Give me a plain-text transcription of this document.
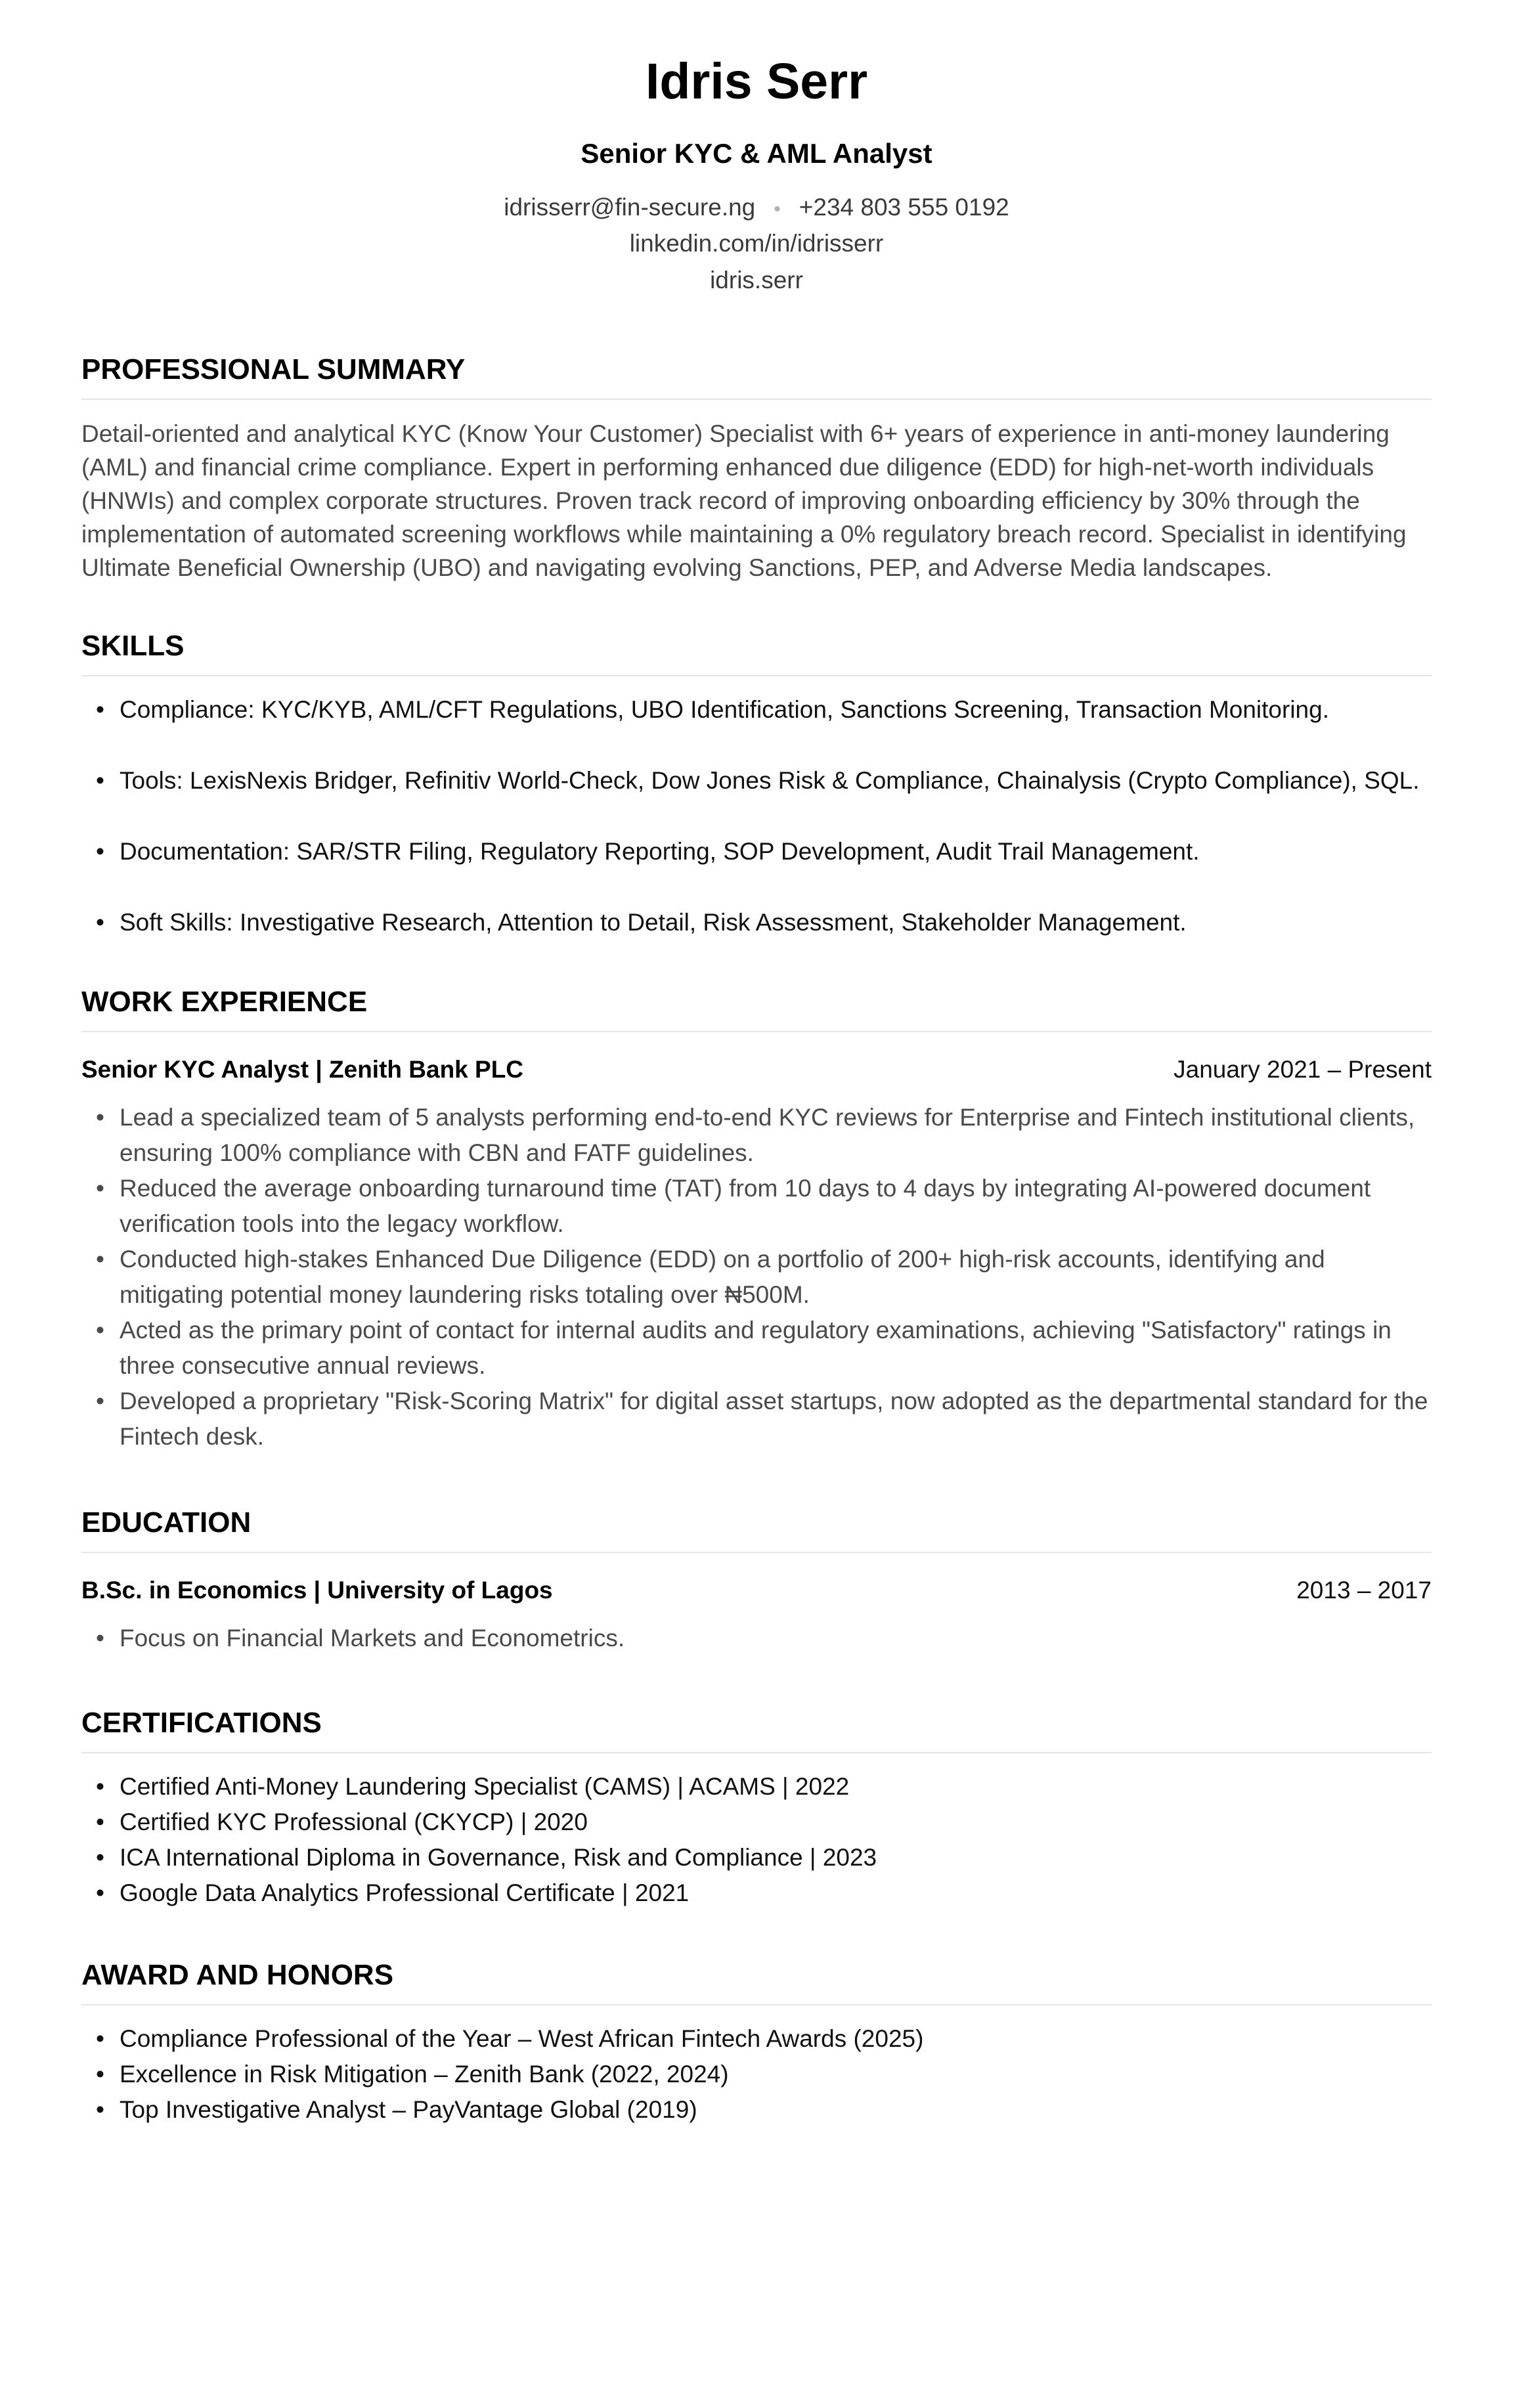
Idris Serr
Senior KYC & AML Analyst
idrisserr@fin-secure.ng • +234 803 555 0192
linkedin.com/in/idrisserr
idris.serr
PROFESSIONAL SUMMARY
Detail-oriented and analytical KYC (Know Your Customer) Specialist with 6+ years of experience in anti-money laundering (AML) and financial crime compliance. Expert in performing enhanced due diligence (EDD) for high-net-worth individuals (HNWIs) and complex corporate structures. Proven track record of improving onboarding efficiency by 30% through the implementation of automated screening workflows while maintaining a 0% regulatory breach record. Specialist in identifying Ultimate Beneficial Ownership (UBO) and navigating evolving Sanctions, PEP, and Adverse Media landscapes.
SKILLS
• Compliance: KYC/KYB, AML/CFT Regulations, UBO Identification, Sanctions Screening, Transaction Monitoring.
• Tools: LexisNexis Bridger, Refinitiv World-Check, Dow Jones Risk & Compliance, Chainalysis (Crypto Compliance), SQL.
• Documentation: SAR/STR Filing, Regulatory Reporting, SOP Development, Audit Trail Management.
• Soft Skills: Investigative Research, Attention to Detail, Risk Assessment, Stakeholder Management.
WORK EXPERIENCE
Senior KYC Analyst | Zenith Bank PLC	January 2021 – Present
• Lead a specialized team of 5 analysts performing end-to-end KYC reviews for Enterprise and Fintech institutional clients, ensuring 100% compliance with CBN and FATF guidelines.
• Reduced the average onboarding turnaround time (TAT) from 10 days to 4 days by integrating AI-powered document verification tools into the legacy workflow.
• Conducted high-stakes Enhanced Due Diligence (EDD) on a portfolio of 200+ high-risk accounts, identifying and mitigating potential money laundering risks totaling over ₦500M.
• Acted as the primary point of contact for internal audits and regulatory examinations, achieving "Satisfactory" ratings in three consecutive annual reviews.
• Developed a proprietary "Risk-Scoring Matrix" for digital asset startups, now adopted as the departmental standard for the Fintech desk.
EDUCATION
B.Sc. in Economics | University of Lagos	2013 – 2017
• Focus on Financial Markets and Econometrics.
CERTIFICATIONS
• Certified Anti-Money Laundering Specialist (CAMS) | ACAMS | 2022
• Certified KYC Professional (CKYCP) | 2020
• ICA International Diploma in Governance, Risk and Compliance | 2023
• Google Data Analytics Professional Certificate | 2021
AWARD AND HONORS
• Compliance Professional of the Year – West African Fintech Awards (2025)
• Excellence in Risk Mitigation – Zenith Bank (2022, 2024)
• Top Investigative Analyst – PayVantage Global (2019)
